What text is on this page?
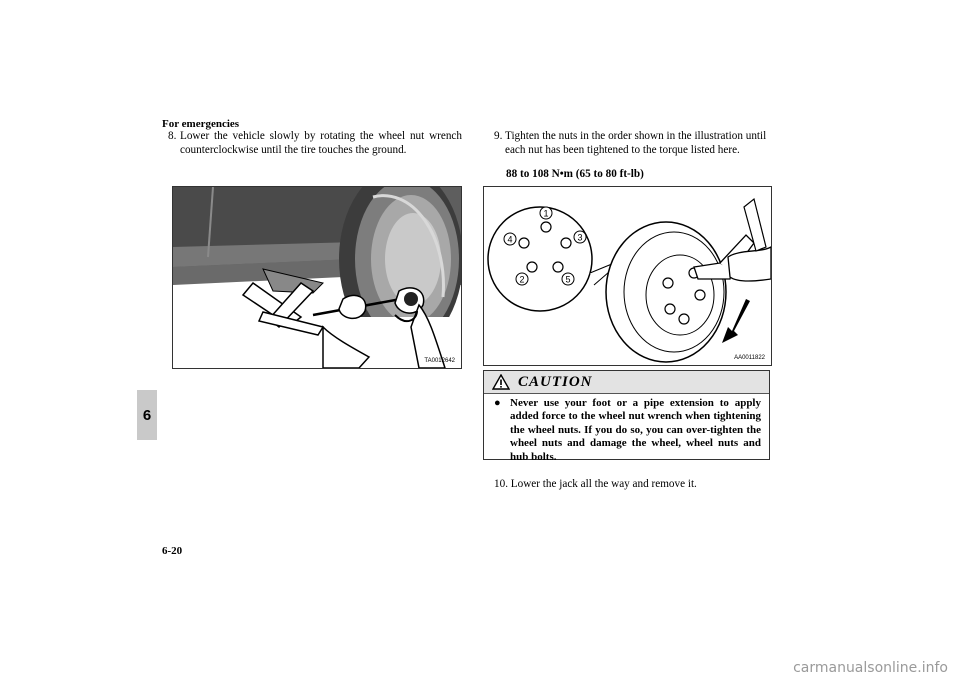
For emergencies
6
8. Lower the vehicle slowly by rotating the wheel nut wrench counterclockwise until the tire touches the ground.
TA0012642
9. Tighten the nuts in the order shown in the illustration until each nut has been tightened to the torque listed here.
88 to 108 N•m (65 to 80 ft-lb)
1
2
3
4
5
AA0011822
CAUTION
● Never use your foot or a pipe extension to apply added force to the wheel nut wrench when tightening the wheel nuts. If you do so, you can over-tighten the wheel nuts and damage the wheel, wheel nuts and hub bolts.
10. Lower the jack all the way and remove it.
6-20
carmanualsonline.info
